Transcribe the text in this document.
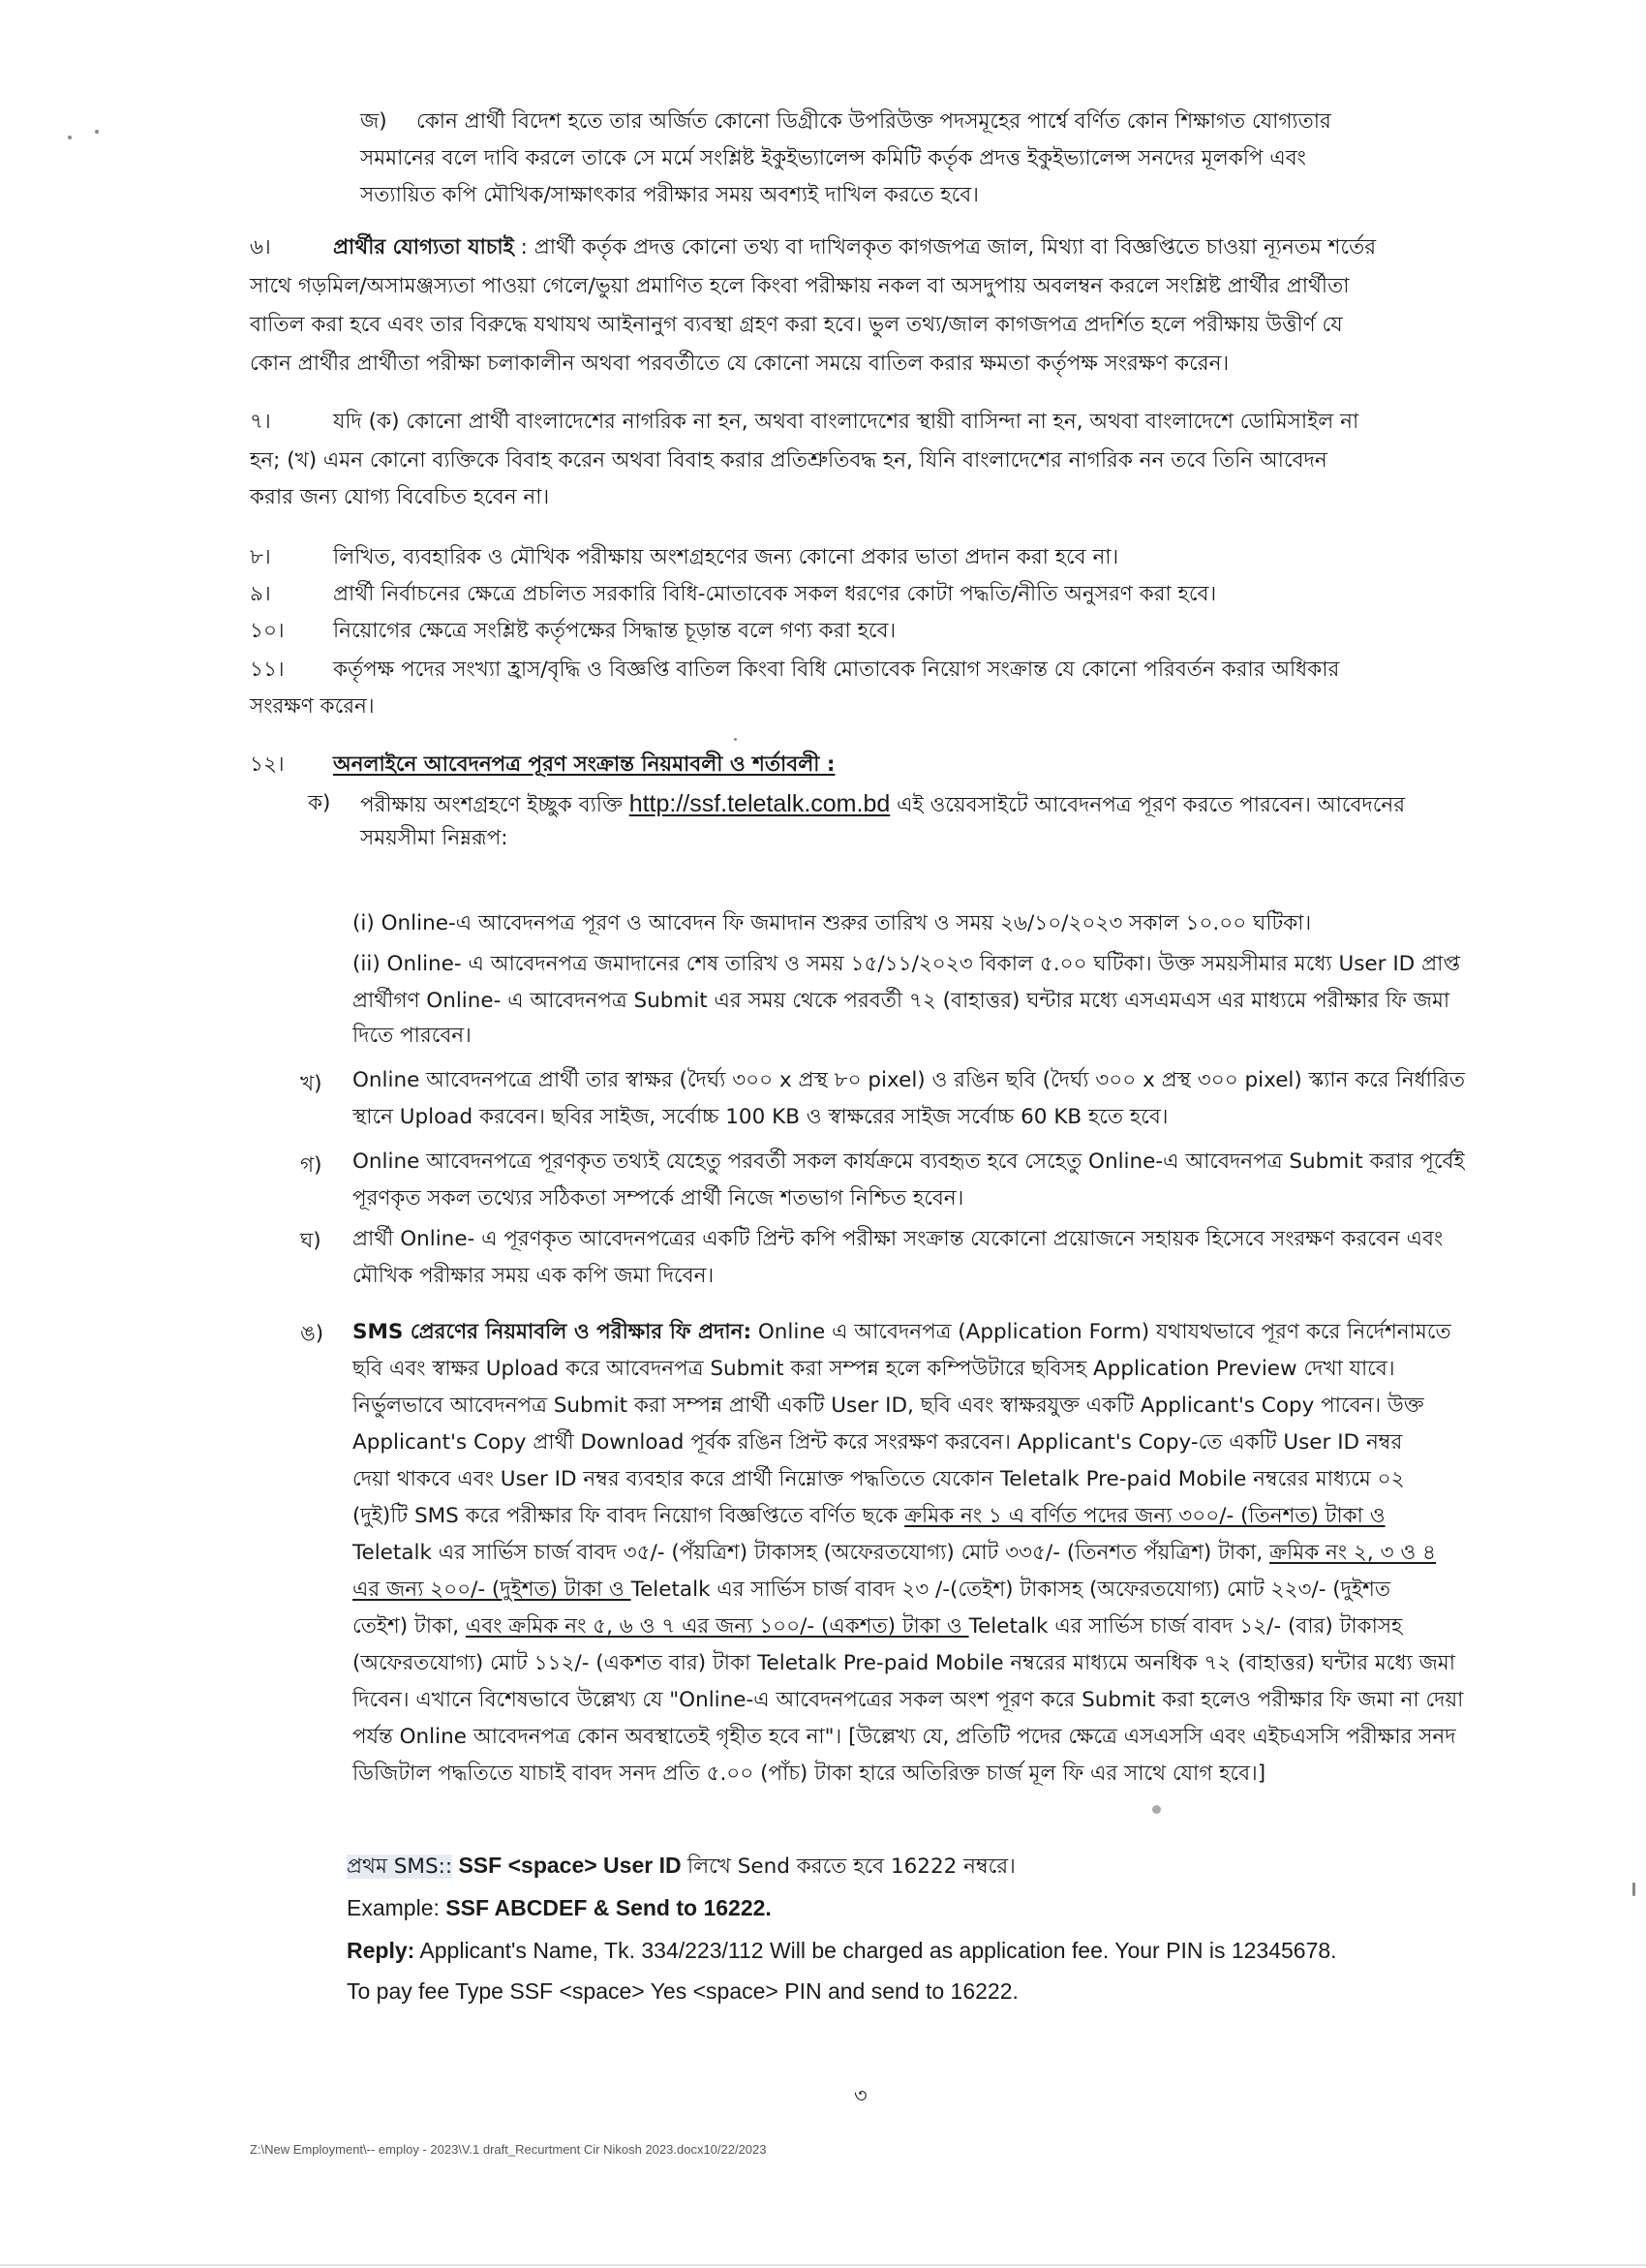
জ) কোন প্রার্থী বিদেশ হতে তার অর্জিত কোনো ডিগ্রীকে উপরিউক্ত পদসমূহের পার্শ্বে বর্ণিত কোন শিক্ষাগত যোগ্যতার
সমমানের বলে দাবি করলে তাকে সে মর্মে সংশ্লিষ্ট ইকুইভ্যালেন্স কমিটি কর্তৃক প্রদত্ত ইকুইভ্যালেন্স সনদের মূলকপি এবং
সত্যায়িত কপি মৌখিক/সাক্ষাৎকার পরীক্ষার সময় অবশ্যই দাখিল করতে হবে।
৬।	প্রার্থীর যোগ্যতা যাচাই : প্রার্থী কর্তৃক প্রদত্ত কোনো তথ্য বা দাখিলকৃত কাগজপত্র জাল, মিথ্যা বা বিজ্ঞপ্তিতে চাওয়া ন্যূনতম শর্তের
সাথে গড়মিল/অসামঞ্জস্যতা পাওয়া গেলে/ভুয়া প্রমাণিত হলে কিংবা পরীক্ষায় নকল বা অসদুপায় অবলম্বন করলে সংশ্লিষ্ট প্রার্থীর প্রার্থীতা
বাতিল করা হবে এবং তার বিরুদ্ধে যথাযথ আইনানুগ ব্যবস্থা গ্রহণ করা হবে। ভুল তথ্য/জাল কাগজপত্র প্রদর্শিত হলে পরীক্ষায় উত্তীর্ণ যে
কোন প্রার্থীর প্রার্থীতা পরীক্ষা চলাকালীন অথবা পরবর্তীতে যে কোনো সময়ে বাতিল করার ক্ষমতা কর্তৃপক্ষ সংরক্ষণ করেন।
৭।	যদি (ক) কোনো প্রার্থী বাংলাদেশের নাগরিক না হন, অথবা বাংলাদেশের স্থায়ী বাসিন্দা না হন, অথবা বাংলাদেশে ডোমিসাইল না
হন; (খ) এমন কোনো ব্যক্তিকে বিবাহ করেন অথবা বিবাহ করার প্রতিশ্রুতিবদ্ধ হন, যিনি বাংলাদেশের নাগরিক নন তবে তিনি আবেদন
করার জন্য যোগ্য বিবেচিত হবেন না।
৮।	লিখিত, ব্যবহারিক ও মৌখিক পরীক্ষায় অংশগ্রহণের জন্য কোনো প্রকার ভাতা প্রদান করা হবে না।
৯।	প্রার্থী নির্বাচনের ক্ষেত্রে প্রচলিত সরকারি বিধি-মোতাবেক সকল ধরণের কোটা পদ্ধতি/নীতি অনুসরণ করা হবে।
১০। নিয়োগের ক্ষেত্রে সংশ্লিষ্ট কর্তৃপক্ষের সিদ্ধান্ত চূড়ান্ত বলে গণ্য করা হবে।
১১। কর্তৃপক্ষ পদের সংখ্যা হ্রাস/বৃদ্ধি ও বিজ্ঞপ্তি বাতিল কিংবা বিধি মোতাবেক নিয়োগ সংক্রান্ত যে কোনো পরিবর্তন করার অধিকার
সংরক্ষণ করেন।
১২। অনলাইনে আবেদনপত্র পূরণ সংক্রান্ত নিয়মাবলী ও শর্তাবলী :
ক) পরীক্ষায় অংশগ্রহণে ইচ্ছুক ব্যক্তি http://ssf.teletalk.com.bd এই ওয়েবসাইটে আবেদনপত্র পূরণ করতে পারবেন। আবেদনের
সময়সীমা নিম্নরূপ:
(i) Online-এ আবেদনপত্র পূরণ ও আবেদন ফি জমাদান শুরুর তারিখ ও সময় ২৬/১০/২০২৩ সকাল ১০.০০ ঘটিকা।
(ii) Online- এ আবেদনপত্র জমাদানের শেষ তারিখ ও সময় ১৫/১১/২০২৩ বিকাল ৫.০০ ঘটিকা। উক্ত সময়সীমার মধ্যে User ID প্রাপ্ত
প্রার্থীগণ Online- এ আবেদনপত্র Submit এর সময় থেকে পরবর্তী ৭২ (বাহাত্তর) ঘন্টার মধ্যে এসএমএস এর মাধ্যমে পরীক্ষার ফি জমা
দিতে পারবেন।
খ) Online আবেদনপত্রে প্রার্থী তার স্বাক্ষর (দৈর্ঘ্য ৩০০ x প্রস্থ ৮০ pixel) ও রঙিন ছবি (দৈর্ঘ্য ৩০০ x প্রস্থ ৩০০ pixel) স্ক্যান করে নির্ধারিত
স্থানে Upload করবেন। ছবির সাইজ, সর্বোচ্চ 100 KB ও স্বাক্ষরের সাইজ সর্বোচ্চ 60 KB হতে হবে।
গ) Online আবেদনপত্রে পূরণকৃত তথ্যই যেহেতু পরবর্তী সকল কার্যক্রমে ব্যবহৃত হবে সেহেতু Online-এ আবেদনপত্র Submit করার পূর্বেই
পূরণকৃত সকল তথ্যের সঠিকতা সম্পর্কে প্রার্থী নিজে শতভাগ নিশ্চিত হবেন।
ঘ) প্রার্থী Online- এ পূরণকৃত আবেদনপত্রের একটি প্রিন্ট কপি পরীক্ষা সংক্রান্ত যেকোনো প্রয়োজনে সহায়ক হিসেবে সংরক্ষণ করবেন এবং
মৌখিক পরীক্ষার সময় এক কপি জমা দিবেন।
ঙ) SMS প্রেরণের নিয়মাবলি ও পরীক্ষার ফি প্রদান: Online এ আবেদনপত্র (Application Form) যথাযথভাবে পূরণ করে নির্দেশনামতে
ছবি এবং স্বাক্ষর Upload করে আবেদনপত্র Submit করা সম্পন্ন হলে কম্পিউটারে ছবিসহ Application Preview দেখা যাবে।
নির্ভুলভাবে আবেদনপত্র Submit করা সম্পন্ন প্রার্থী একটি User ID, ছবি এবং স্বাক্ষরযুক্ত একটি Applicant's Copy পাবেন। উক্ত
Applicant's Copy প্রার্থী Download পূর্বক রঙিন প্রিন্ট করে সংরক্ষণ করবেন। Applicant's Copy-তে একটি User ID নম্বর
দেয়া থাকবে এবং User ID নম্বর ব্যবহার করে প্রার্থী নিম্নোক্ত পদ্ধতিতে যেকোন Teletalk Pre-paid Mobile নম্বরের মাধ্যমে ০২
(দুই)টি SMS করে পরীক্ষার ফি বাবদ নিয়োগ বিজ্ঞপ্তিতে বর্ণিত ছকে ক্রমিক নং ১ এ বর্ণিত পদের জন্য ৩০০/- (তিনশত) টাকা ও
Teletalk এর সার্ভিস চার্জ বাবদ ৩৫/- (পঁয়ত্রিশ) টাকাসহ (অফেরতযোগ্য) মোট ৩৩৫/- (তিনশত পঁয়ত্রিশ) টাকা, ক্রমিক নং ২, ৩ ও ৪
এর জন্য ২০০/- (দুইশত) টাকা ও Teletalk এর সার্ভিস চার্জ বাবদ ২৩ /-(তেইশ) টাকাসহ (অফেরতযোগ্য) মোট ২২৩/- (দুইশত
তেইশ) টাকা, এবং ক্রমিক নং ৫, ৬ ও ৭ এর জন্য ১০০/- (একশত) টাকা ও Teletalk এর সার্ভিস চার্জ বাবদ ১২/- (বার) টাকাসহ
(অফেরতযোগ্য) মোট ১১২/- (একশত বার) টাকা Teletalk Pre-paid Mobile নম্বরের মাধ্যমে অনধিক ৭২ (বাহাত্তর) ঘন্টার মধ্যে জমা
দিবেন। এখানে বিশেষভাবে উল্লেখ্য যে "Online-এ আবেদনপত্রের সকল অংশ পূরণ করে Submit করা হলেও পরীক্ষার ফি জমা না দেয়া
পর্যন্ত Online আবেদনপত্র কোন অবস্থাতেই গৃহীত হবে না"। [উল্লেখ্য যে, প্রতিটি পদের ক্ষেত্রে এসএসসি এবং এইচএসসি পরীক্ষার সনদ
ডিজিটাল পদ্ধতিতে যাচাই বাবদ সনদ প্রতি ৫.০০ (পাঁচ) টাকা হারে অতিরিক্ত চার্জ মূল ফি এর সাথে যোগ হবে।]
প্রথম SMS:: SSF <space> User ID লিখে Send করতে হবে 16222 নম্বরে।
Example: SSF ABCDEF & Send to 16222.
Reply: Applicant's Name, Tk. 334/223/112 Will be charged as application fee. Your PIN is 12345678.
To pay fee Type SSF <space> Yes <space> PIN and send to 16222.
৩
Z:\New Employment\-- employ - 2023\V.1 draft_Recurtment Cir Nikosh 2023.docx10/22/2023
